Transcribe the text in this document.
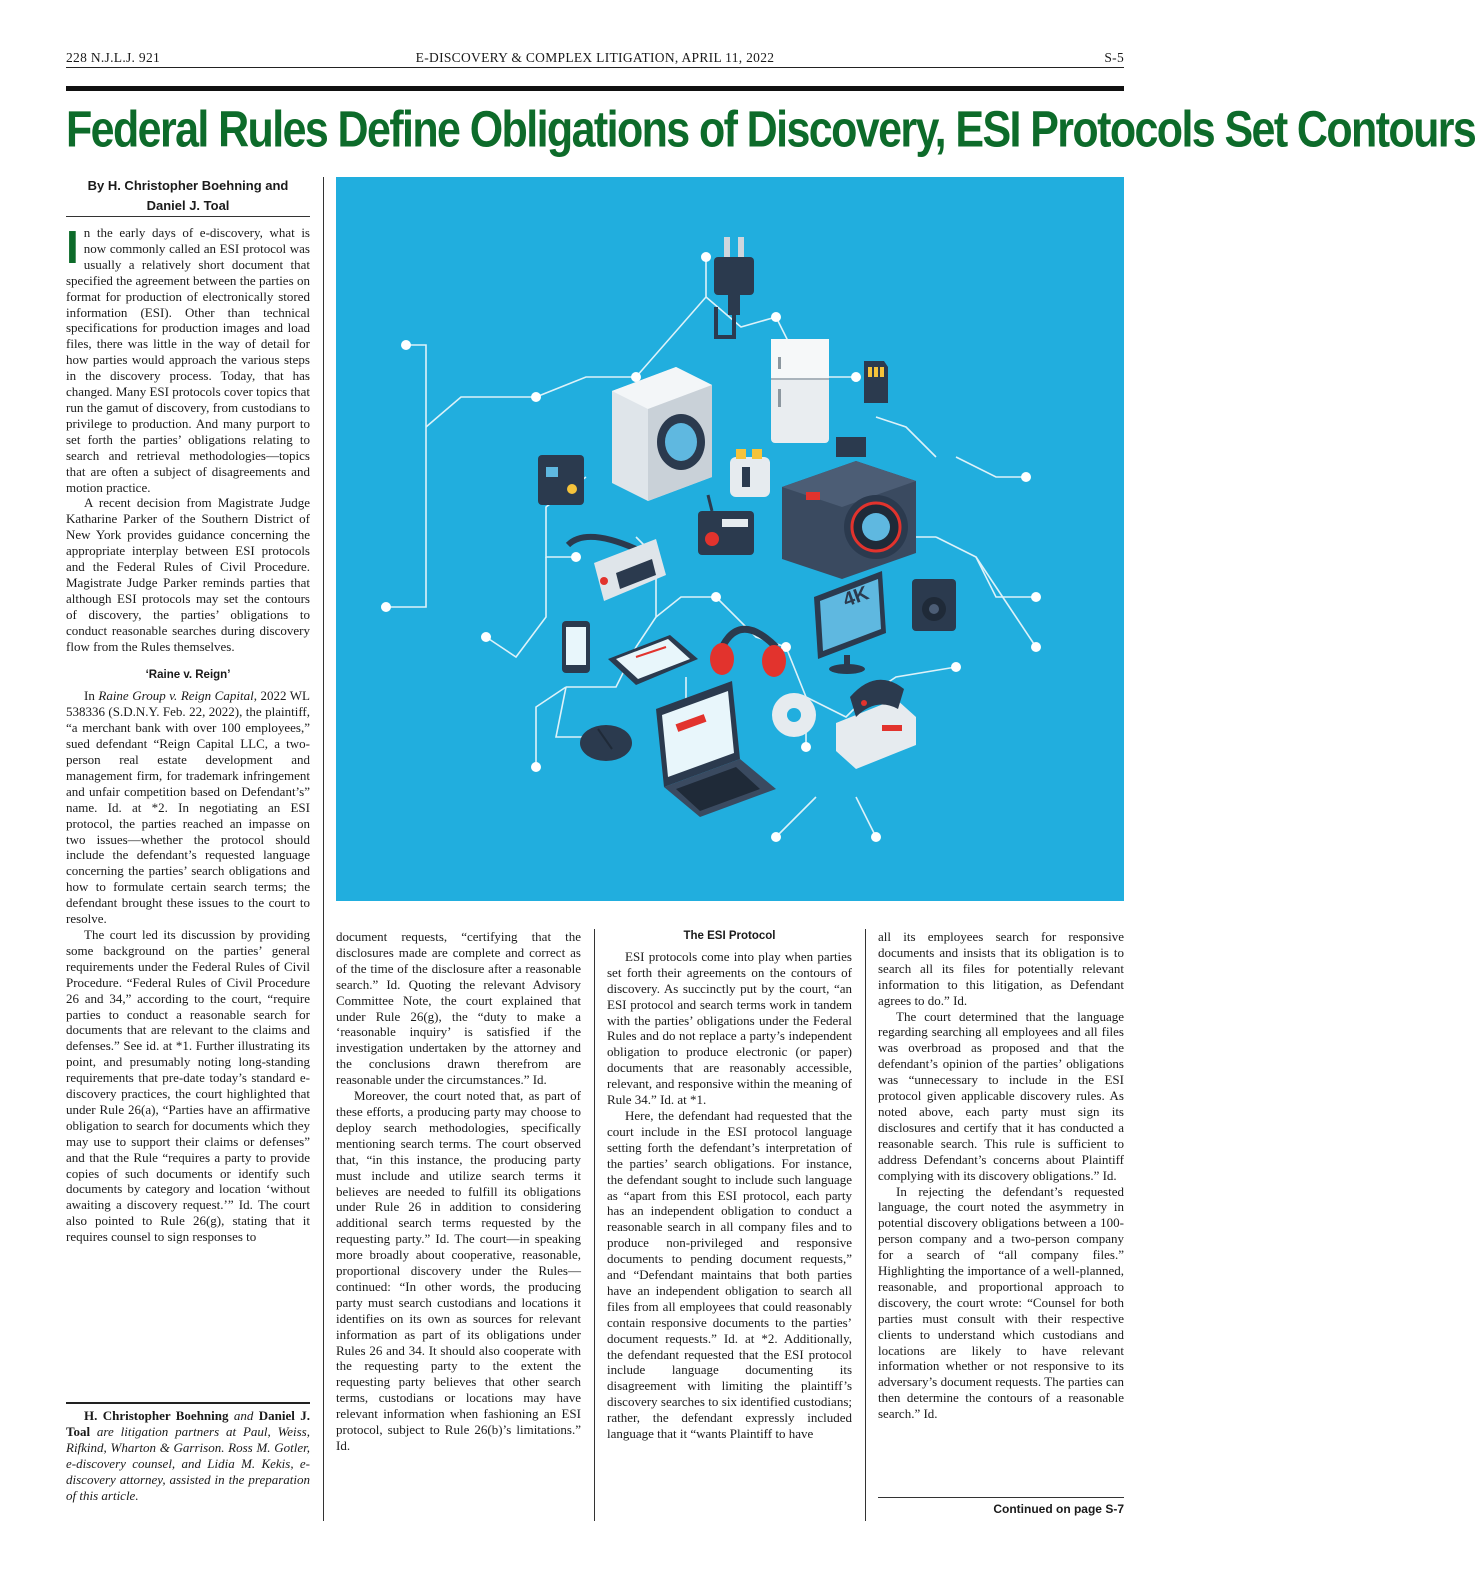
228 N.J.L.J. 921	E-DISCOVERY & COMPLEX LITIGATION, APRIL 11, 2022	S-5
Federal Rules Define Obligations of Discovery, ESI Protocols Set Contours
By H. Christopher Boehning and
Daniel J. Toal

In the early days of e-discovery, what is now commonly called an ESI protocol was usually a relatively short document that specified the agreement between the parties on format for production of electronically stored information (ESI). Other than technical specifications for production images and load files, there was little in the way of detail for how parties would approach the various steps in the discovery process. Today, that has changed. Many ESI protocols cover topics that run the gamut of discovery, from custodians to privilege to production. And many purport to set forth the parties’ obligations relating to search and retrieval methodologies—topics that are often a subject of disagreements and motion practice.

A recent decision from Magistrate Judge Katharine Parker of the Southern District of New York provides guidance concerning the appropriate interplay between ESI protocols and the Federal Rules of Civil Procedure. Magistrate Judge Parker reminds parties that although ESI protocols may set the contours of discovery, the parties’ obligations to conduct reasonable searches during discovery flow from the Rules themselves.

‘Raine v. Reign’

In Raine Group v. Reign Capital, 2022 WL 538336 (S.D.N.Y. Feb. 22, 2022), the plaintiff, “a merchant bank with over 100 employees,” sued defendant “Reign Capital LLC, a two-person real estate development and management firm, for trademark infringement and unfair competition based on Defendant’s” name. Id. at *2. In negotiating an ESI protocol, the parties reached an impasse on two issues—whether the protocol should include the defendant’s requested language concerning the parties’ search obligations and how to formulate certain search terms; the defendant brought these issues to the court to resolve.

The court led its discussion by providing some background on the parties’ general requirements under the Federal Rules of Civil Procedure. “Federal Rules of Civil Procedure 26 and 34,” according to the court, “require parties to conduct a reasonable search for documents that are relevant to the claims and defenses.” See id. at *1. Further illustrating its point, and presumably noting long-standing requirements that pre-date today’s standard e-discovery practices, the court highlighted that under Rule 26(a), “Parties have an affirmative obligation to search for documents which they may use to support their claims or defenses” and that the Rule “requires a party to provide copies of such documents or identify such documents by category and location ‘without awaiting a discovery request.’” Id. The court also pointed to Rule 26(g), stating that it requires counsel to sign responses to

H. Christopher Boehning and Daniel J. Toal are litigation partners at Paul, Weiss, Rifkind, Wharton & Garrison. Ross M. Gotler, e-discovery counsel, and Lidia M. Kekis, e-discovery attorney, assisted in the preparation of this article.

document requests, “certifying that the disclosures made are complete and correct as of the time of the disclosure after a reasonable search.” Id. Quoting the relevant Advisory Committee Note, the court explained that under Rule 26(g), the “duty to make a ‘reasonable inquiry’ is satisfied if the investigation undertaken by the attorney and the conclusions drawn therefrom are reasonable under the circumstances.” Id.

Moreover, the court noted that, as part of these efforts, a producing party may choose to deploy search methodologies, specifically mentioning search terms. The court observed that, “in this instance, the producing party must include and utilize search terms it believes are needed to fulfill its obligations under Rule 26 in addition to considering additional search terms requested by the requesting party.” Id. The court—in speaking more broadly about cooperative, reasonable, proportional discovery under the Rules—continued: “In other words, the producing party must search custodians and locations it identifies on its own as sources for relevant information as part of its obligations under Rules 26 and 34. It should also cooperate with the requesting party to the extent the requesting party believes that other search terms, custodians or locations may have relevant information when fashioning an ESI protocol, subject to Rule 26(b)’s limitations.” Id.

The ESI Protocol

ESI protocols come into play when parties set forth their agreements on the contours of discovery. As succinctly put by the court, “an ESI protocol and search terms work in tandem with the parties’ obligations under the Federal Rules and do not replace a party’s independent obligation to produce electronic (or paper) documents that are reasonably accessible, relevant, and responsive within the meaning of Rule 34.” Id. at *1.

Here, the defendant had requested that the court include in the ESI protocol language setting forth the defendant’s interpretation of the parties’ search obligations. For instance, the defendant sought to include such language as “apart from this ESI protocol, each party has an independent obligation to conduct a reasonable search in all company files and to produce non-privileged and responsive documents to pending document requests,” and “Defendant maintains that both parties have an independent obligation to search all files from all employees that could reasonably contain responsive documents to the parties’ document requests.” Id. at *2. Additionally, the defendant requested that the ESI protocol include language documenting its disagreement with limiting the plaintiff’s discovery searches to six identified custodians; rather, the defendant expressly included language that it “wants Plaintiff to have

all its employees search for responsive documents and insists that its obligation is to search all its files for potentially relevant information to this litigation, as Defendant agrees to do.” Id.

The court determined that the language regarding searching all employees and all files was overbroad as proposed and that the defendant’s opinion of the parties’ obligations was “unnecessary to include in the ESI protocol given applicable discovery rules. As noted above, each party must sign its disclosures and certify that it has conducted a reasonable search. This rule is sufficient to address Defendant’s concerns about Plaintiff complying with its discovery obligations.” Id.

In rejecting the defendant’s requested language, the court noted the asymmetry in potential discovery obligations between a 100-person company and a two-person company for a search of “all company files.” Highlighting the importance of a well-planned, reasonable, and proportional approach to discovery, the court wrote: “Counsel for both parties must consult with their respective clients to understand which custodians and locations are likely to have relevant information whether or not responsive to its adversary’s document requests. The parties can then determine the contours of a reasonable search.” Id.

Continued on page S-7
4K
